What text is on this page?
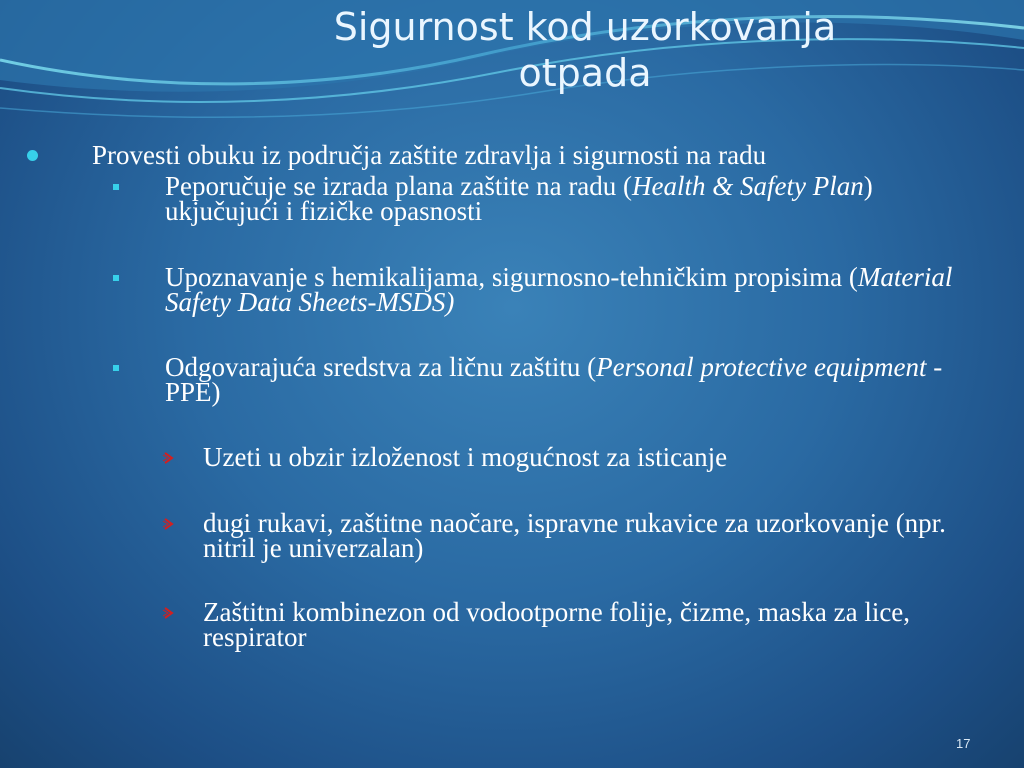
Sigurnost kod uzorkovanja
otpada
Provesti obuku iz područja zaštite zdravlja i sigurnosti na radu
Peporučuje se izrada plana zaštite na radu (Health & Safety Plan) ukjučujući i fizičke opasnosti
Upoznavanje s hemikalijama, sigurnosno-tehničkim propisima (Material Safety Data Sheets-MSDS)
Odgovarajuća sredstva za ličnu zaštitu (Personal protective equipment - PPE)
Uzeti u obzir izloženost i mogućnost za isticanje
dugi rukavi, zaštitne naočare, ispravne rukavice za uzorkovanje (npr. nitril je univerzalan)
Zaštitni kombinezon od vodootporne folije, čizme, maska za lice, respirator
17
